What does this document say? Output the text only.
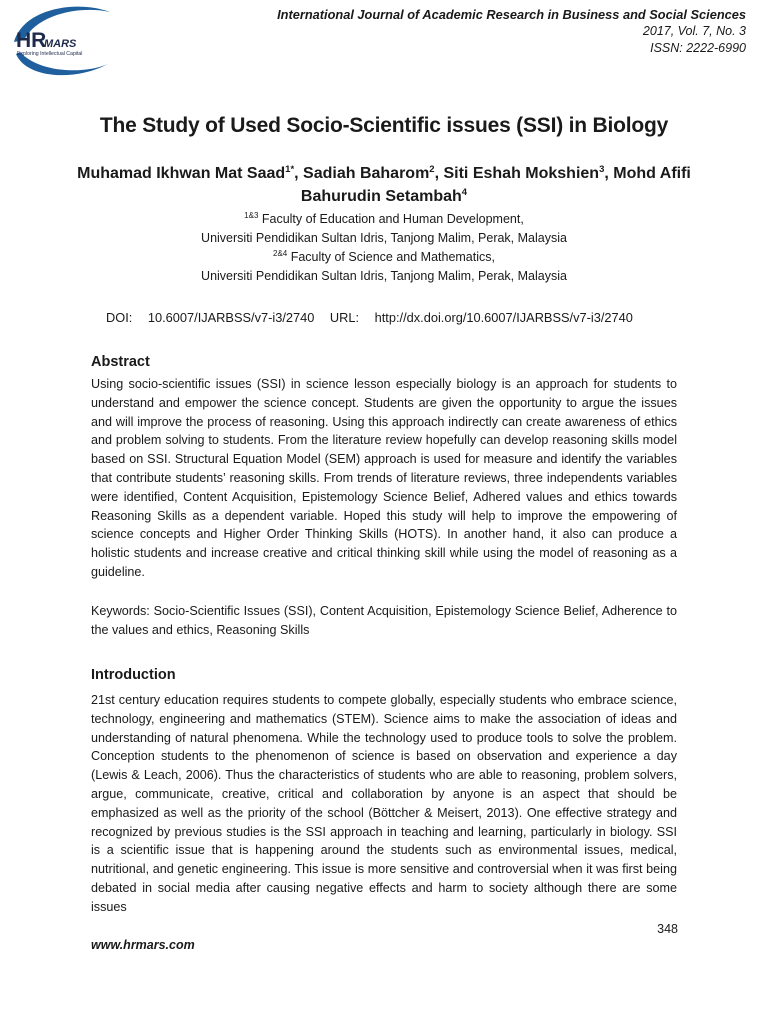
HR
MARS
Exploring Intellectual Capital
International Journal of Academic Research in Business and Social Sciences
2017, Vol. 7, No. 3
ISSN: 2222-6990
The Study of Used Socio-Scientific issues (SSI) in Biology
Muhamad Ikhwan Mat Saad$^{1*}$, Sadiah Baharom$^2$, Siti Eshah Mokshien$^3$, Mohd Afifi Bahurudin Setambah$^4$
$^{1\&3}$ Faculty of Education and Human Development,
Universiti Pendidikan Sultan Idris, Tanjong Malim, Perak, Malaysia
$^{2\&4}$ Faculty of Science and Mathematics,
Universiti Pendidikan Sultan Idris, Tanjong Malim, Perak, Malaysia
DOI: 10.6007/IJARBSS/v7-i3/2740 URL: http://dx.doi.org/10.6007/IJARBSS/v7-i3/2740
Abstract
Using socio-scientific issues (SSI) in science lesson especially biology is an approach for students to understand and empower the science concept. Students are given the opportunity to argue the issues and will improve the process of reasoning. Using this approach indirectly can create awareness of ethics and problem solving to students. From the literature review hopefully can develop reasoning skills model based on SSI. Structural Equation Model (SEM) approach is used for measure and identify the variables that contribute students’ reasoning skills. From trends of literature reviews, three independents variables were identified, Content Acquisition, Epistemology Science Belief, Adhered values and ethics towards Reasoning Skills as a dependent variable. Hoped this study will help to improve the empowering of science concepts and Higher Order Thinking Skills (HOTS). In another hand, it also can produce a holistic students and increase creative and critical thinking skill while using the model of reasoning as a guideline.
Keywords: Socio-Scientific Issues (SSI), Content Acquisition, Epistemology Science Belief, Adherence to the values and ethics, Reasoning Skills
Introduction
21st century education requires students to compete globally, especially students who embrace science, technology, engineering and mathematics (STEM). Science aims to make the association of ideas and understanding of natural phenomena. While the technology used to produce tools to solve the problem. Conception students to the phenomenon of science is based on observation and experience a day (Lewis & Leach, 2006). Thus the characteristics of students who are able to reasoning, problem solvers, argue, communicate, creative, critical and collaboration by anyone is an aspect that should be emphasized as well as the priority of the school (Böttcher & Meisert, 2013). One effective strategy and recognized by previous studies is the SSI approach in teaching and learning, particularly in biology. SSI is a scientific issue that is happening around the students such as environmental issues, medical, nutritional, and genetic engineering. This issue is more sensitive and controversial when it was first being debated in social media after causing negative effects and harm to society although there are some issues
348
www.hrmars.com
